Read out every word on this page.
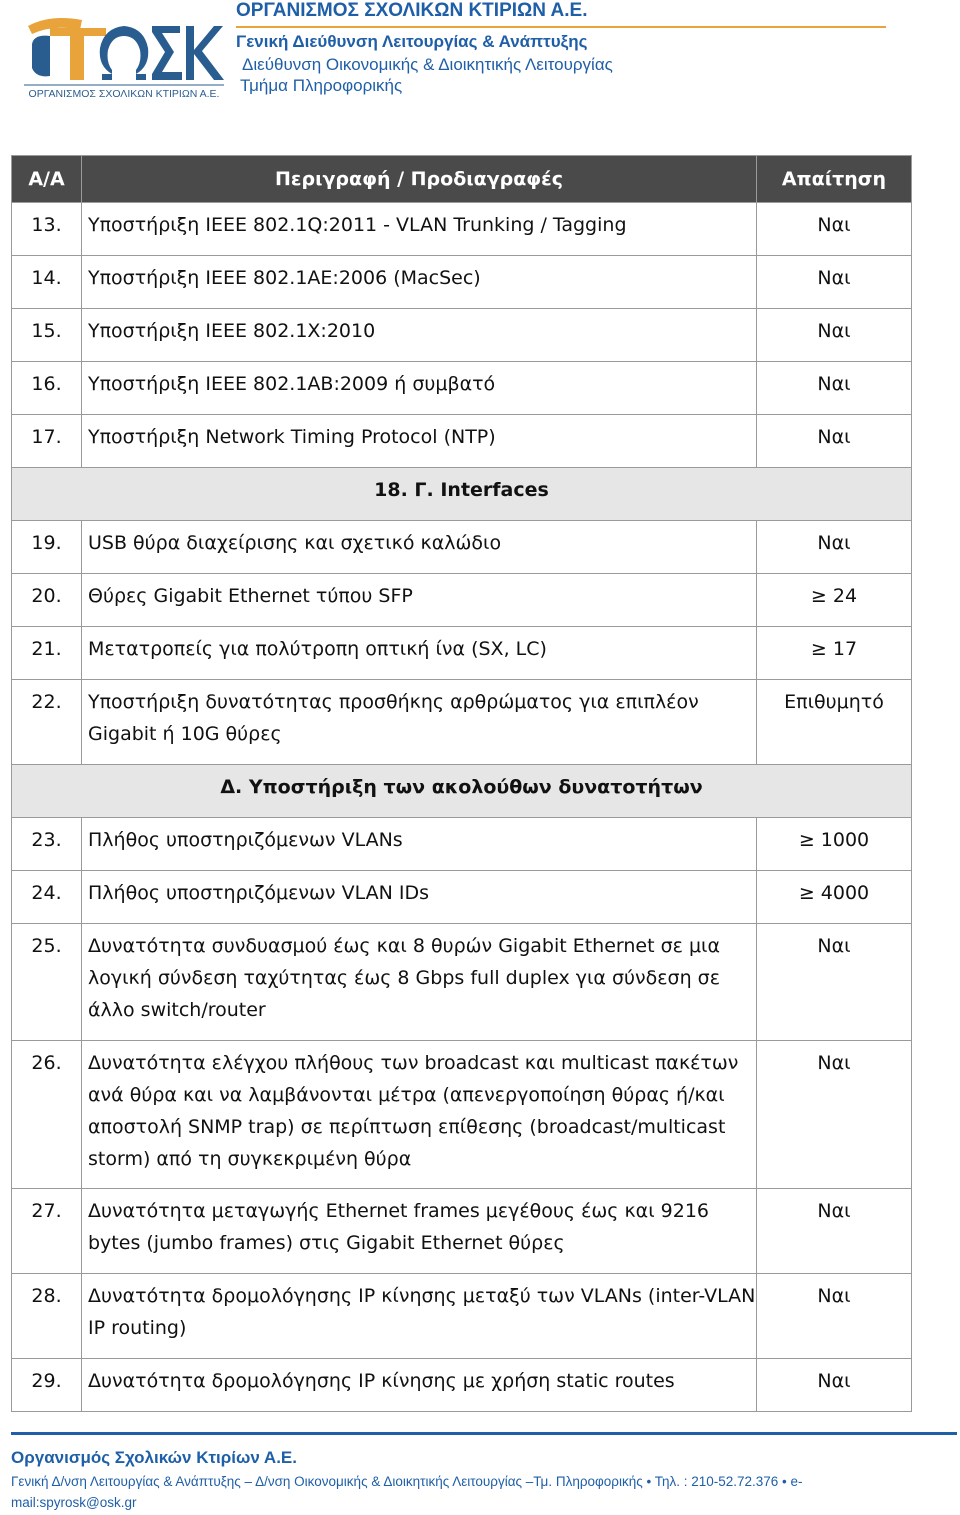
ΟΡΓΑΝΙΣΜΟΣ ΣΧΟΛΙΚΩΝ ΚΤΙΡΙΩΝ Α.Ε.
ΟΡΓΑΝΙΣΜΟΣ ΣΧΟΛΙΚΩΝ ΚΤΙΡΙΩΝ Α.Ε.
Γενική Διεύθυνση Λειτουργίας & Ανάπτυξης
Διεύθυνση Οικονομικής & Διοικητικής Λειτουργίας
Τμήμα Πληροφορικής
Α/Α	Περιγραφή / Προδιαγραφές	Απαίτηση
13.	Υποστήριξη IEEE 802.1Q:2011 - VLAN Trunking / Tagging	Ναι
14.	Υποστήριξη IEEE 802.1AE:2006 (MacSec)	Ναι
15.	Υποστήριξη IEEE 802.1X:2010	Ναι
16.	Υποστήριξη IEEE 802.1AB:2009 ή συμβατό	Ναι
17.	Υποστήριξη Network Timing Protocol (NTP)	Ναι
18. Γ. Interfaces		
19.	USB θύρα διαχείρισης και σχετικό καλώδιο	Ναι
20.	Θύρες Gigabit Ethernet τύπου SFP	≥ 24
21.	Μετατροπείς για πολύτροπη οπτική ίνα (SX, LC)	≥ 17
22.	Υποστήριξη δυνατότητας προσθήκης αρθρώματος για επιπλέον Gigabit ή 10G θύρες	Επιθυμητό
Δ. Υποστήριξη των ακολούθων δυνατοτήτων		
23.	Πλήθος υποστηριζόμενων VLANs	≥ 1000
24.	Πλήθος υποστηριζόμενων VLAN IDs	≥ 4000
25.	Δυνατότητα συνδυασμού έως και 8 θυρών Gigabit Ethernet σε μια λογική σύνδεση ταχύτητας έως 8 Gbps full duplex για σύνδεση σε άλλο switch/router	Ναι
26.	Δυνατότητα ελέγχου πλήθους των broadcast και multicast πακέτων ανά θύρα και να λαμβάνονται μέτρα (απενεργοποίηση θύρας ή/και αποστολή SNMP trap) σε περίπτωση επίθεσης (broadcast/multicast storm) από τη συγκεκριμένη θύρα	Ναι
27.	Δυνατότητα μεταγωγής Ethernet frames μεγέθους έως και 9216 bytes (jumbo frames) στις Gigabit Ethernet θύρες	Ναι
28.	Δυνατότητα δρομολόγησης IP κίνησης μεταξύ των VLANs (inter-VLAN IP routing)	Ναι
29.	Δυνατότητα δρομολόγησης IP κίνησης με χρήση static routes	Ναι
Οργανισμός Σχολικών Κτιρίων Α.Ε.
Γενική Δ/νση Λειτουργίας & Ανάπτυξης – Δ/νση Οικονομικής & Διοικητικής Λειτουργίας –Τμ. Πληροφορικής • Τηλ. : 210-52.72.376 • e-
mail:spyrosk@osk.gr
